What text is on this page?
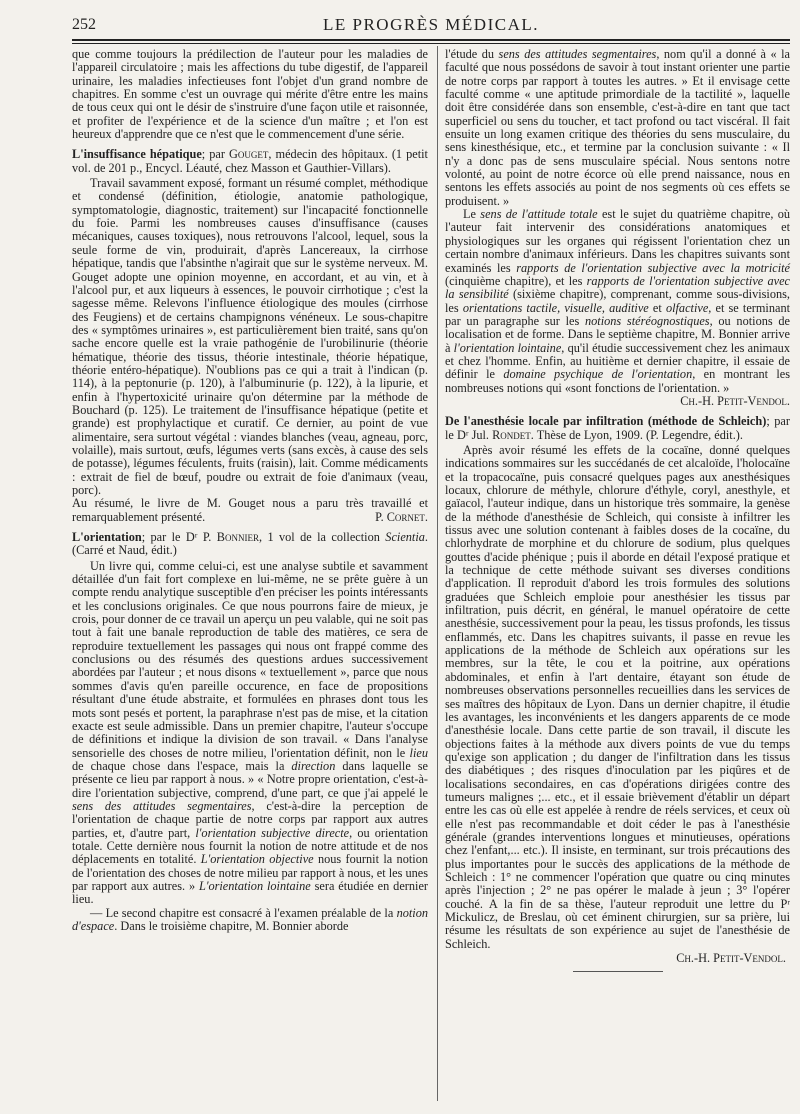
252	LE PROGRÈS MÉDICAL.

que comme toujours la prédilection de l'auteur pour les maladies de l'appareil circulatoire ; mais les affections du tube digestif, de l'appareil urinaire, les maladies infectieuses font l'objet d'un grand nombre de chapitres. En somme c'est un ouvrage qui mérite d'être entre les mains de tous ceux qui ont le désir de s'instruire d'une façon utile et raisonnée, et profiter de l'expérience et de la science d'un maître ; et l'on est heureux d'apprendre que ce n'est que le commencement d'une série.

L'insuffisance hépatique; par Gouget, médecin des hôpitaux. (1 petit vol. de 201 p., Encycl. Léauté, chez Masson et Gauthier-Villars).

Travail savamment exposé, formant un résumé complet, méthodique et condensé (définition, étiologie, anatomie pathologique, symptomatologie, diagnostic, traitement) sur l'incapacité fonctionnelle du foie. Parmi les nombreuses causes d'insuffisance (causes mécaniques, causes toxiques), nous retrouvons l'alcool, lequel, sous la seule forme de vin, produirait, d'après Lancereaux, la cirrhose hépatique, tandis que l'absinthe n'agirait que sur le système nerveux. M. Gouget adopte une opinion moyenne, en accordant, et au vin, et à l'alcool pur, et aux liqueurs à essences, le pouvoir cirrhotique ; c'est la sagesse même. Relevons l'influence étiologique des moules (cirrhose des Feugiens) et de certains champignons vénéneux. Le sous-chapitre des « symptômes urinaires », est particulièrement bien traité, sans qu'on sache encore quelle est la vraie pathogénie de l'urobilinurie (théorie hématique, théorie des tissus, théorie intestinale, théorie hépatique, théorie entéro-hépatique). N'oublions pas ce qui a trait à l'indican (p. 114), à la peptonurie (p. 120), à l'albuminurie (p. 122), à la lipurie, et enfin à l'hypertoxicité urinaire qu'on détermine par la méthode de Bouchard (p. 125). Le traitement de l'insuffisance hépatique (petite et grande) est prophylactique et curatif. Ce dernier, au point de vue alimentaire, sera surtout végétal : viandes blanches (veau, agneau, porc, volaille), mais surtout, œufs, légumes verts (sans excès, à cause des sels de potasse), légumes féculents, fruits (raisin), lait. Comme médicaments : extrait de fiel de bœuf, poudre ou extrait de foie d'animaux (veau, porc).

Au résumé, le livre de M. Gouget nous a paru très travaillé et remarquablement présenté.	P. Cornet.

L'orientation; par le Dʳ P. Bonnier, 1 vol de la collection Scientia. (Carré et Naud, édit.)

Un livre qui, comme celui-ci, est une analyse subtile et savamment détaillée d'un fait fort complexe en lui-même, ne se prête guère à un compte rendu analytique susceptible d'en préciser les points intéressants et les conclusions originales. Ce que nous pourrons faire de mieux, je crois, pour donner de ce travail un aperçu un peu valable, qui ne soit pas tout à fait une banale reproduction de table des matières, ce sera de reproduire textuellement les passages qui nous ont frappé comme des conclusions ou des résumés des questions ardues successivement abordées par l'auteur ; et nous disons « textuellement », parce que nous sommes d'avis qu'en pareille occurence, en face de propositions résultant d'une étude abstraite, et formulées en phrases dont tous les mots sont pesés et portent, la paraphrase n'est pas de mise, et la citation exacte est seule admissible. Dans un premier chapitre, l'auteur s'occupe de définitions et indique la division de son travail. « Dans l'analyse sensorielle des choses de notre milieu, l'orientation définit, non le lieu de chaque chose dans l'espace, mais la direction dans laquelle se présente ce lieu par rapport à nous. » « Notre propre orientation, c'est-à-dire l'orientation subjective, comprend, d'une part, ce que j'ai appelé le sens des attitudes segmentaires, c'est-à-dire la perception de l'orientation de chaque partie de notre corps par rapport aux autres parties, et, d'autre part, l'orientation subjective directe, ou orientation totale. Cette dernière nous fournit la notion de notre attitude et de nos déplacements en totalité. L'orientation objective nous fournit la notion de l'orientation des choses de notre milieu par rapport à nous, et les unes par rapport aux autres. » L'orientation lointaine sera étudiée en dernier lieu.

— Le second chapitre est consacré à l'examen préalable de la notion d'espace. Dans le troisième chapitre, M. Bonnier aborde

l'étude du sens des attitudes segmentaires, nom qu'il a donné à « la faculté que nous possédons de savoir à tout instant orienter une partie de notre corps par rapport à toutes les autres. » Et il envisage cette faculté comme « une aptitude primordiale de la tactilité », laquelle doit être considérée dans son ensemble, c'est-à-dire en tant que tact superficiel ou sens du toucher, et tact profond ou tact viscéral. Il fait ensuite un long examen critique des théories du sens musculaire, du sens kinesthésique, etc., et termine par la conclusion suivante : « Il n'y a donc pas de sens musculaire spécial. Nous sentons notre volonté, au point de notre écorce où elle prend naissance, nous en sentons les effets associés au point de nos segments où ces effets se produisent. »

Le sens de l'attitude totale est le sujet du quatrième chapitre, où l'auteur fait intervenir des considérations anatomiques et physiologiques sur les organes qui régissent l'orientation chez un certain nombre d'animaux inférieurs. Dans les chapitres suivants sont examinés les rapports de l'orientation subjective avec la motricité (cinquième chapitre), et les rapports de l'orientation subjective avec la sensibilité (sixième chapitre), comprenant, comme sous-divisions, les orientations tactile, visuelle, auditive et olfactive, et se terminant par un paragraphe sur les notions stéréognostiques, ou notions de localisation et de forme. Dans le septième chapitre, M. Bonnier arrive à l'orientation lointaine, qu'il étudie successivement chez les animaux et chez l'homme. Enfin, au huitième et dernier chapitre, il essaie de définir le domaine psychique de l'orientation, en montrant les nombreuses notions qui «sont fonctions de l'orientation. »
Ch.-H. Petit-Vendol.

De l'anesthésie locale par infiltration (méthode de Schleich); par le Dʳ Jul. Rondet. Thèse de Lyon, 1909. (P. Legendre, édit.).

Après avoir résumé les effets de la cocaïne, donné quelques indications sommaires sur les succédanés de cet alcaloïde, l'holocaïne et la tropacocaïne, puis consacré quelques pages aux anesthésiques locaux, chlorure de méthyle, chlorure d'éthyle, coryl, anesthyle, et gaïacol, l'auteur indique, dans un historique très sommaire, la genèse de la méthode d'anesthésie de Schleich, qui consiste à infiltrer les tissus avec une solution contenant à faibles doses de la cocaïne, du chlorhydrate de morphine et du chlorure de sodium, plus quelques gouttes d'acide phénique ; puis il aborde en détail l'exposé pratique et la technique de cette méthode suivant ses diverses conditions d'application. Il reproduit d'abord les trois formules des solutions graduées que Schleich emploie pour anesthésier les tissus par infiltration, puis décrit, en général, le manuel opératoire de cette anesthésie, successivement pour la peau, les tissus profonds, les tissus enflammés, etc. Dans les chapitres suivants, il passe en revue les applications de la méthode de Schleich aux opérations sur les membres, sur la tête, le cou et la poitrine, aux opérations abdominales, et enfin à l'art dentaire, étayant son étude de nombreuses observations personnelles recueillies dans les services de ses maîtres des hôpitaux de Lyon. Dans un dernier chapitre, il étudie les avantages, les inconvénients et les dangers apparents de ce mode d'anesthésie locale. Dans cette partie de son travail, il discute les objections faites à la méthode aux divers points de vue du temps qu'exige son application ; du danger de l'infiltration dans les tissus des diabétiques ; des risques d'inoculation par les piqûres et de localisations secondaires, en cas d'opérations dirigées contre des tumeurs malignes ;... etc., et il essaie brièvement d'établir un départ entre les cas où elle est appelée à rendre de réels services, et ceux où elle n'est pas recommandable et doit céder le pas à l'anesthésie générale (grandes interventions longues et minutieuses, opérations chez l'enfant,... etc.). Il insiste, en terminant, sur trois précautions des plus importantes pour le succès des applications de la méthode de Schleich : 1° ne commencer l'opération que quatre ou cinq minutes après l'injection ; 2° ne pas opérer le malade à jeun ; 3° l'opérer couché. A la fin de sa thèse, l'auteur reproduit une lettre du Pʳ Mickulicz, de Breslau, où cet éminent chirurgien, sur sa prière, lui résume les résultats de son expérience au sujet de l'anesthésie de Schleich.

Ch.-H. Petit-Vendol.
